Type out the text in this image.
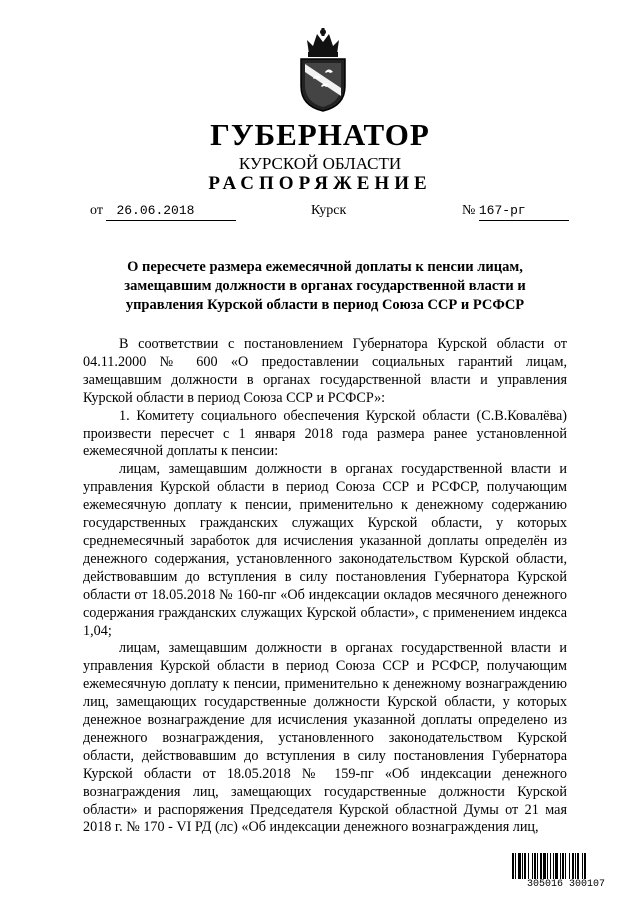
ГУБЕРНАТОР
КУРСКОЙ ОБЛАСТИ
РАСПОРЯЖЕНИЕ
от 26.06.2018	Курск	№ 167-рг
О пересчете размера ежемесячной доплаты к пенсии лицам, замещавшим должности в органах государственной власти и управления Курской области в период Союза ССР и РСФСР

В соответствии с постановлением Губернатора Курской области от 04.11.2000 № 600 «О предоставлении социальных гарантий лицам, замещавшим должности в органах государственной власти и управления Курской области в период Союза ССР и РСФСР»:

1. Комитету социального обеспечения Курской области (С.В.Ковалёва) произвести пересчет с 1 января 2018 года размера ранее установленной ежемесячной доплаты к пенсии:

лицам, замещавшим должности в органах государственной власти и управления Курской области в период Союза ССР и РСФСР, получающим ежемесячную доплату к пенсии, применительно к денежному содержанию государственных гражданских служащих Курской области, у которых среднемесячный заработок для исчисления указанной доплаты определён из денежного содержания, установленного законодательством Курской области, действовавшим до вступления в силу постановления Губернатора Курской области от 18.05.2018 № 160-пг «Об индексации окладов месячного денежного содержания гражданских служащих Курской области», с применением индекса 1,04;

лицам, замещавшим должности в органах государственной власти и управления Курской области в период Союза ССР и РСФСР, получающим ежемесячную доплату к пенсии, применительно к денежному вознаграждению лиц, замещающих государственные должности Курской области, у которых денежное вознаграждение для исчисления указанной доплаты определено из денежного вознаграждения, установленного законодательством Курской области, действовавшим до вступления в силу постановления Губернатора Курской области от 18.05.2018 № 159-пг «Об индексации денежного вознаграждения лиц, замещающих государственные должности Курской области» и распоряжения Председателя Курской областной Думы от 21 мая 2018 г. № 170 - VI РД (лс) «Об индексации денежного вознаграждения лиц,

305016 300107
